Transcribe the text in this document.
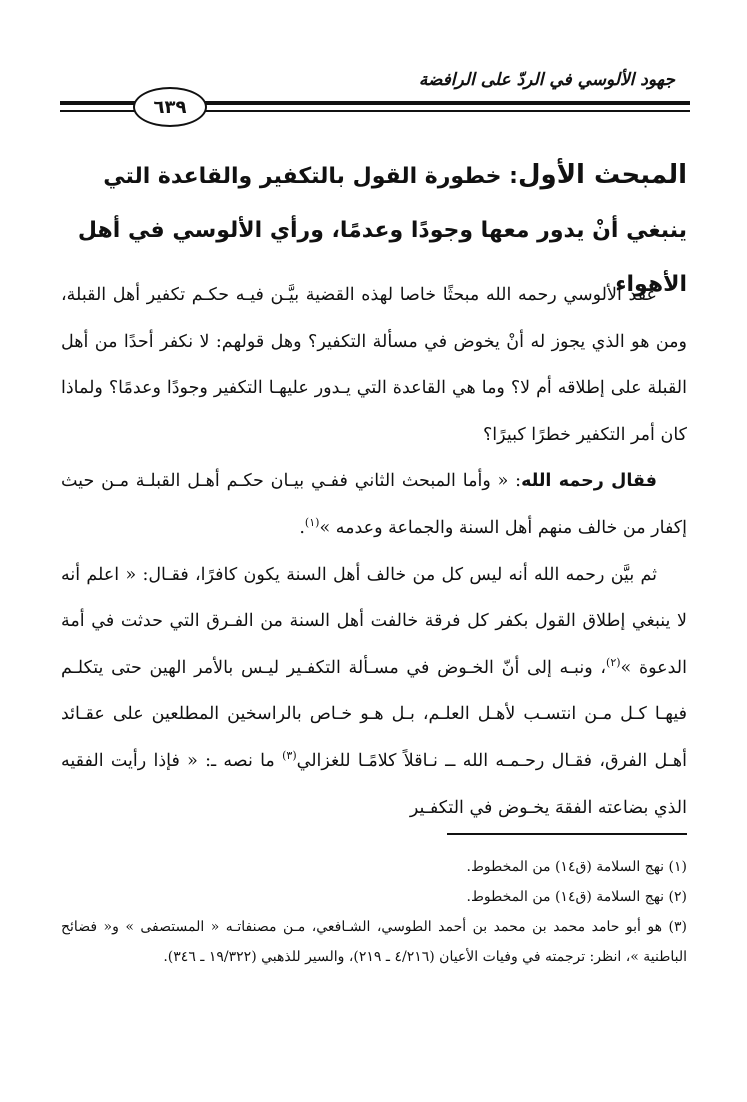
جهود الألوسي في الردّ على الرافضة
٦٣٩
المبحث الأول: خطورة القول بالتكفير والقاعدة التي ينبغي أنْ يدور معها وجودًا وعدمًا، ورأي الألوسي في أهل الأهواء

عقد الألوسي رحمه الله مبحثًا خاصا لهذه القضية بيَّـن فيـه حكـم تكفير أهل القبلة، ومن هو الذي يجوز له أنْ يخوض في مسألة التكفير؟ وهل قولهم: لا نكفر أحدًا من أهل القبلة على إطلاقه أم لا؟ وما هي القاعدة التي يـدور عليهـا التكفير وجودًا وعدمًا؟ ولماذا كان أمر التكفير خطرًا كبيرًا؟

فقال رحمه الله: « وأما المبحث الثاني ففـي بيـان حكـم أهـل القبلـة مـن حيث إكفار من خالف منهم أهل السنة والجماعة وعدمه »$^{(١)}$.

ثم بيَّن رحمه الله أنه ليس كل من خالف أهل السنة يكون كافرًا، فقـال: « اعلم أنه لا ينبغي إطلاق القول بكفر كل فرقة خالفت أهل السنة من الفـرق التي حدثت في أمة الدعوة »$^{(٢)}$، ونبـه إلى أنّ الخـوض في مسـألة التكفـير ليـس بالأمر الهين حتى يتكلـم فيهـا كـل مـن انتسـب لأهـل العلـم، بـل هـو خـاص بالراسخين المطلعين على عقـائد أهـل الفرق، فقـال رحـمـه الله ــ نـاقلاً كلامًـا للغزالي$^{(٣)}$ ما نصه ـ: « فإذا رأيت الفقيه الذي بضاعته الفقهَ يخـوض في التكفـير

(١) نهج السلامة (ق١٤) من المخطوط.
(٢) نهج السلامة (ق١٤) من المخطوط.
(٣) هو أبو حامد محمد بن محمد بن أحمد الطوسي، الشـافعي، مـن مصنفاتـه « المستصفى » و« فضائح الباطنية »، انظر: ترجمته في وفيات الأعيان (٤/٢١٦ ـ ٢١٩)، والسير للذهبي (١٩/٣٢٢ ـ ٣٤٦).
